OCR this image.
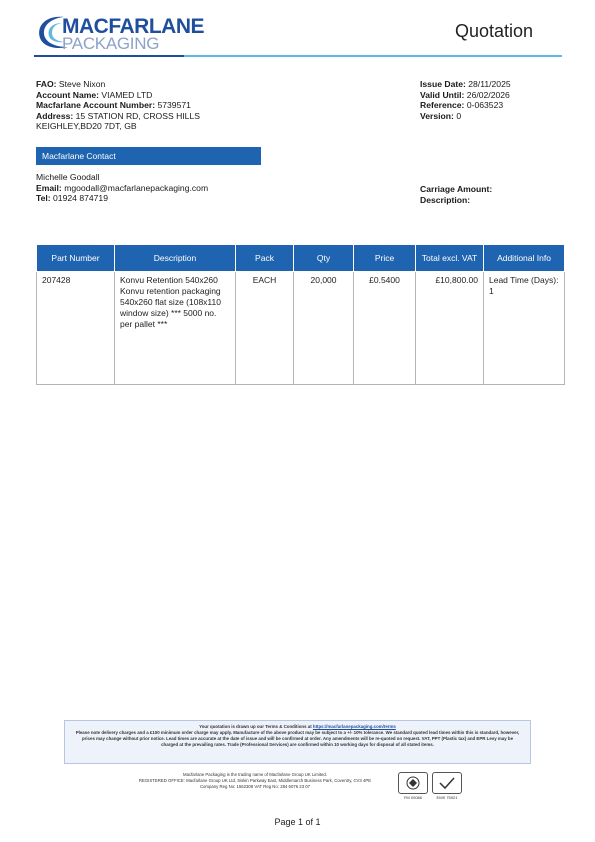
MACFARLANE
PACKAGING
Quotation
FAO: Steve Nixon
Account Name: VIAMED LTD
Macfarlane Account Number: 5739571
Address: 15 STATION RD, CROSS HILLS
KEIGHLEY,BD20 7DT, GB
Issue Date: 28/11/2025
Valid Until: 26/02/2026
Reference: 0-063523
Version: 0
Macfarlane Contact
Michelle Goodall
Email: mgoodall@macfarlanepackaging.com
Tel: 01924 874719
Carriage Amount:
Description:
Part Number	Description	Pack	Qty	Price	Total excl. VAT	Additional Info
207428	Konvu Retention 540x260 Konvu retention packaging 540x260 flat size (108x110 window size) *** 5000 no. per pallet ***	EACH	20,000	£0.5400	£10,800.00	Lead Time (Days): 1
Your quotation is drawn up our Terms & Conditions at https://macfarlanepackaging.com/terms
Please note delivery charges and a £100 minimum order charge may apply. Manufacture of the above product may be subject to a +/- 10% tolerance. We standard quoted lead times within this is standard, however, prices may change without prior notice. Lead times are accurate at the date of issue and will be confirmed at order. Any amendments will be re-quoted on request. VAT, PPT (Plastic tax) and EPR Levy may be charged at the prevailing rates. Trade (Professional Services) are confirmed within 10 working days for disposal of all stated items.
Macfarlane Packaging is the trading name of Macfarlane Group UK Limited.
REGISTERED OFFICE: Macfarlane Group UK Ltd, Siskin Parkway East, Middlemarch Business Park, Coventry, CV3 4PE
Company Reg No: 1562308 VAT Reg No: 284 6076 23 07
FM 00086	EMS 75921
Page 1 of 1
